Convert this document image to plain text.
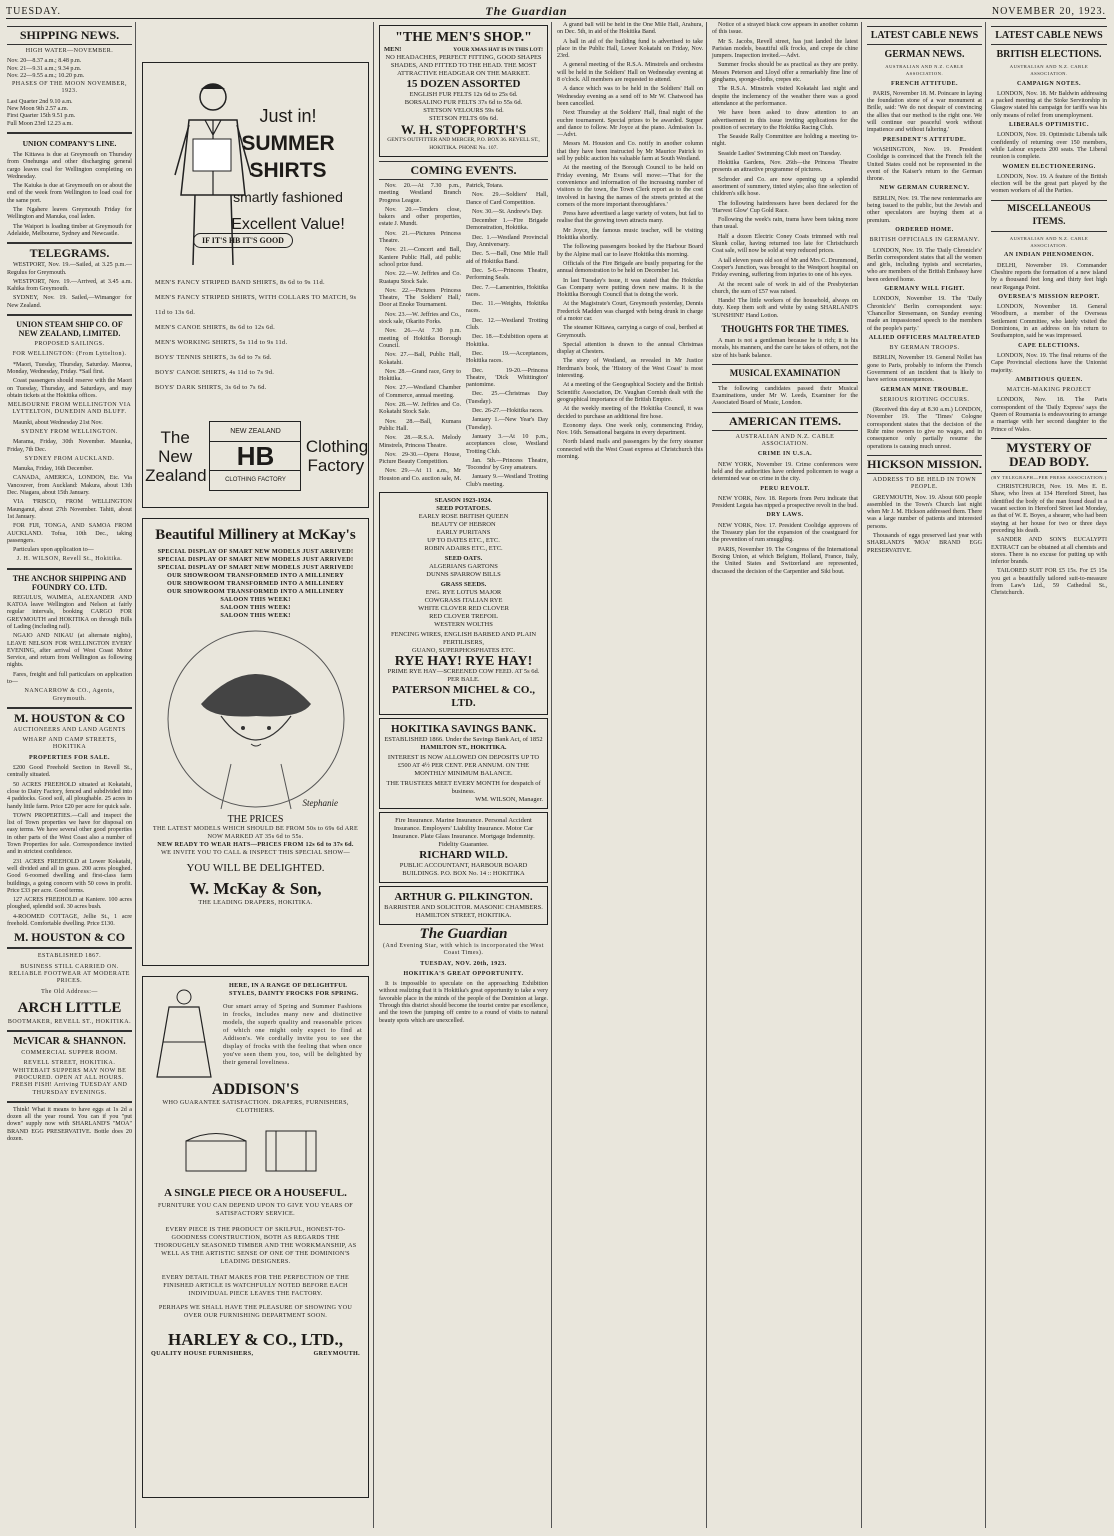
TUESDAY.	The Guardian	NOVEMBER 20, 1923.
SHIPPING NEWS.
HIGH WATER—NOVEMBER.
Nov. 20—8.37 a.m.; 8.48 p.m.
Nov. 21—9.31 a.m.; 9.34 p.m.
Nov. 22—9.55 a.m.; 10.20 p.m.
PHASES OF THE MOON NOVEMBER, 1923.
Last Quarter 2nd 9.10 a.m.
New Moon 9th 2.57 a.m.
First Quarter 15th 9.51 p.m.
Full Moon 23rd 12.23 a.m.
UNION COMPANY'S LINE.

The Kittawa is due at Greymouth on Thursday from Onehunga and other discharging general cargo leaves coal for Wellington completing on Wednesday.

The Kaiuka is due at Greymouth on or about the end of the week from Wellington to load coal for the same port.

The Ngahere leaves Greymouth Friday for Wellington and Manuka, coal laden.

The Waipori is loading timber at Greymouth for Adelaide, Melbourne, Sydney and Newcastle.

TELEGRAMS.

WESTPORT, Nov. 19.—Sailed, at 3.25 p.m.—Regulus for Greymouth.

WESTPORT, Nov. 19.—Arrived, at 3.45 a.m. Kahika from Greymouth.

SYDNEY, Nov. 19. Sailed,—Wimangor for New Zealand.

UNION STEAM SHIP CO. OF NEW ZEALAND, LIMITED.
PROPOSED SAILINGS.
FOR WELLINGTON: (From Lyttelton).

*Maori, Tuesday, Thursday, Saturday. Maorea, Monday, Wednesday, Friday. *Sail first.

Coast passengers should reserve with the Maori on Tuesday, Thursday, and Saturdays, and may obtain tickets at the Hokitika offices.

MELBOURNE FROM WELLINGTON VIA LYTTELTON, DUNEDIN AND BLUFF.

Maunki, about Wednesday 21st Nov.

SYDNEY FROM WELLINGTON.

Marama, Friday, 30th November. Maunka, Friday, 7th Dec.

SYDNEY FROM AUCKLAND.

Manuka, Friday, 16th December.

CANADA, AMERICA, LONDON, Etc. Via Vancouver, from Auckland: Makura, about 13th Dec. Niagara, about 15th January.

VIA 'FRISCO, FROM WELLINGTON Maunganui, about 27th November. Tahiti, about 1st January.

FOR FIJI, TONGA, AND SAMOA FROM AUCKLAND. Tofua, 10th Dec., taking passengers.

Particulars upon application to—

J. H. WILSON, Revell St., Hokitika.
THE ANCHOR SHIPPING AND FOUNDRY CO. LTD.

REGULUS, WAIMEA, ALEXANDER AND KATOA leave Wellington and Nelson at fairly regular intervals, booking CARGO FOR GREYMOUTH and HOKITIKA on through Bills of Lading (including rail).

NGAIO AND NIKAU (at alternate nights), LEAVE NELSON FOR WELLINGTON EVERY EVENING, after arrival of West Coast Motor Service, and return from Wellington as following nights.

Fares, freight and full particulars on application to—

NANCARROW & CO., Agents, Greymouth.
M. HOUSTON & CO
AUCTIONEERS AND LAND AGENTS
WHARF AND CAMP STREETS, HOKITIKA
PROPERTIES FOR SALE.

£200 Good Freehold Section in Revell St., centrally situated.

50 ACRES FREEHOLD situated at Kokatahi, close to Dairy Factory, fenced and subdivided into 4 paddocks. Good soil, all ploughable. 25 acres in handy little farm. Price £20 per acre for quick sale.

TOWN PROPERTIES.—Call and inspect the list of Town properties we have for disposal on easy terms. We have several other good properties in other parts of the West Coast also a number of Town Properties for sale. Correspondence invited and in strictest confidence.

231 ACRES FREEHOLD at Lower Kokatahi, well divided and all in grass. 200 acres ploughed. Good 6-roomed dwelling and first-class farm buildings, a going concern with 50 cows in profit. Price £33 per acre. Good terms.

127 ACRES FREEHOLD at Kaniere. 100 acres ploughed, splendid soil. 30 acres bush.

4-ROOMED COTTAGE, Jellie St., 1 acre freehold. Comfortable dwelling. Price £130.

M. HOUSTON & CO
ESTABLISHED 1867.
BUSINESS STILL CARRIED ON. RELIABLE FOOTWEAR AT MODERATE PRICES.
The Old Address:—
ARCH LITTLE
BOOTMAKER, REVELL ST., HOKITIKA.
McVICAR & SHANNON.
COMMERCIAL SUPPER ROOM.
REVELL STREET, HOKITIKA. WHITEBAIT SUPPERS MAY NOW BE PROCURED. OPEN AT ALL HOURS. FRESH FISH! Arriving TUESDAY AND THURSDAY EVENINGS.

Think! What it means to have eggs at 1s 2d a dozen all the year round. You can if you "put down" supply now with SHARLAND'S "MOA" BRAND EGG PRESERVATIVE. Bottle does 20 dozen.

Just in!
SUMMER
SHIRTS
smartly fashioned
Excellent Value!
IF IT'S HB IT'S GOOD
MEN'S FANCY STRIPED BAND SHIRTS, 8s 6d to 9s 11d.
MEN'S FANCY STRIPED SHIRTS, WITH COLLARS TO MATCH, 9s 11d to 13s 6d.
MEN'S CANOE SHIRTS, 8s 6d to 12s 6d.
MEN'S WORKING SHIRTS, 5s 11d to 9s 11d.
BOYS' TENNIS SHIRTS, 3s 6d to 7s 6d.
BOYS' CANOE SHIRTS, 4s 11d to 7s 9d.
BOYS' DARK SHIRTS, 3s 6d to 7s 6d.
The New Zealand
NEW ZEALAND
HB
CLOTHING FACTORY
Clothing Factory
Beautiful Millinery at McKay's
SPECIAL DISPLAY OF SMART NEW MODELS JUST ARRIVED!
SPECIAL DISPLAY OF SMART NEW MODELS JUST ARRIVED!
SPECIAL DISPLAY OF SMART NEW MODELS JUST ARRIVED!
OUR SHOWROOM TRANSFORMED INTO A MILLINERY
OUR SHOWROOM TRANSFORMED INTO A MILLINERY
OUR SHOWROOM TRANSFORMED INTO A MILLINERY
SALOON THIS WEEK!
SALOON THIS WEEK!
SALOON THIS WEEK!
Stephanie
THE PRICES
THE LATEST MODELS WHICH SHOULD BE FROM 50s to 69s 6d ARE NOW MARKED AT 35s 6d to 55s.
NEW READY TO WEAR HATS—PRICES FROM 12s 6d to 37s 6d.
WE INVITE YOU TO CALL & INSPECT THIS SPECIAL SHOW—
YOU WILL BE DELIGHTED.
W. McKay & Son,
THE LEADING DRAPERS, HOKITIKA.
HERE, IN A RANGE OF DELIGHTFUL STYLES, DAINTY FROCKS FOR SPRING.
Our smart array of Spring and Summer Fashions in frocks, includes many new and distinctive models, the superb quality and reasonable prices of which one might only expect to find at Addison's. We cordially invite you to see the display of frocks with the feeling that when once you've seen them you, too, will be delighted by their general loveliness.
ADDISON'S
WHO GUARANTEE SATISFACTION. DRAPERS, FURNISHERS, CLOTHIERS.
A SINGLE PIECE OR A HOUSEFUL.
FURNITURE YOU CAN DEPEND UPON TO GIVE YOU YEARS OF SATISFACTORY SERVICE.
EVERY PIECE IS THE PRODUCT OF SKILFUL, HONEST-TO-GOODNESS CONSTRUCTION, BOTH AS REGARDS THE THOROUGHLY SEASONED TIMBER AND THE WORKMANSHIP, AS WELL AS THE ARTISTIC SENSE OF ONE OF THE DOMINION'S LEADING DESIGNERS.
EVERY DETAIL THAT MAKES FOR THE PERFECTION OF THE FINISHED ARTICLE IS WATCHFULLY NOTED BEFORE EACH INDIVIDUAL PIECE LEAVES THE FACTORY.
PERHAPS WE SHALL HAVE THE PLEASURE OF SHOWING YOU OVER OUR FURNISHING DEPARTMENT SOON.
HARLEY & CO., LTD.,
QUALITY HOUSE FURNISHERS,	GREYMOUTH.
"THE MEN'S SHOP."
MEN!	YOUR XMAS HAT IS IN THIS LOT!
NO HEADACHES, PERFECT FITTING, GOOD SHAPES SHADES, AND FITTED TO THE HEAD. THE MOST ATTRACTIVE HEADGEAR ON THE MARKET.
15 DOZEN ASSORTED
ENGLISH FUR FELTS 12s 6d to 25s 6d.
BORSALINO FUR FELTS 37s 6d to 55s 6d.
STETSON VELOURS 59s 6d.
STETSON FELTS 69s 6d.
W. H. STOPFORTH'S
GENT'S OUTFITTER AND MERCER, P.O. BOX 36. REVELL ST., HOKITIKA. PHONE No. 107.
COMING EVENTS.

Nov. 20.—At 7.30 p.m., meeting Westland Branch Progress League.

Nov. 20.—Tenders close, bakers and other properties, estate J. Mundt.

Nov. 21.—Pictures Princess Theatre.

Nov. 21.—Concert and Ball, Kaniere Public Hall, aid public school prize fund.

Nov. 22.—W. Jeffries and Co. Ruatapu Stock Sale.

Nov. 22.—Pictures Princess Theatre, 'The Soldiers' Hall,' Door at Enoke Tournament.

Nov. 23.—W. Jeffries and Co., stock sale, Okarito Forks.

Nov. 26.—At 7.30 p.m. meeting of Hokitika Borough Council.

Nov. 27.—Ball, Public Hall, Kokatahi.

Nov. 28.—Grand race, Grey to Hokitika.

Nov. 27.—Westland Chamber of Commerce, annual meeting.

Nov. 28.—W. Jeffries and Co. Kokatahi Stock Sale.

Nov. 28.—Ball, Kumara Public Hall.

Nov. 28.—R.S.A. Melody Minstrels, Princess Theatre.

Nov. 29-30.—Opera House, Picture Beauty Competition.

Nov. 29.—At 11 a.m., Mr Houston and Co. auction sale, M. Patrick, Totara.

Nov. 29.—Soldiers' Hall, Dance of Card Competition.

Nov. 30.—St. Andrew's Day.

December 1.—Fire Brigade Demonstration, Hokitika.

Dec. 1.—Westland Provincial Day, Anniversary.

Dec. 5.—Ball, One Mile Hall aid of Hokitika Band.

Dec. 5-6.—Princess Theatre, Performing Seals.

Dec. 7.—Lamentries, Hokitika races.

Dec. 11.—Weights, Hokitika races.

Dec. 12.—Westland Trotting Club.

Dec. 18.—Exhibition opens at Hokitika.

Dec. 19.—Acceptances, Hokitika races.

Dec. 19-20.—Princess Theatre, 'Dick Whittington' pantomime.

Dec. 25.—Christmas Day (Tuesday).

Dec. 26-27.—Hokitika races.

January 1.—New Year's Day (Tuesday).

January 3.—At 10 p.m., acceptances close, Westland Trotting Club.

Jan. 5th.—Princess Theatre, 'Tocondra' by Grey amateurs.

January 9.—Westland Trotting Club's meeting.

SEASON 1923-1924.
SEED POTATOES.
EARLY ROSE BRITISH QUEEN
BEAUTY OF HEBRON
EARLY PURITANS
UP TO DATES ETC., ETC.
ROBIN ADAIRS ETC., ETC.
SEED OATS.
ALGERIANS GARTONS
DUNNS SPARROW BILLS
GRASS SEEDS.
ENG. RYE LOTUS MAJOR
COWGRASS ITALIAN RYE
WHITE CLOVER RED CLOVER
RED CLOVER TREFOIL
WESTERN WOLTHS
FENCING WIRES, ENGLISH BARBED AND PLAIN FERTILISERS,
GUANO, SUPERPHOSPHATES ETC.
RYE HAY! RYE HAY!
PRIME RYE HAY—SCREENED COW FEED. AT 5s 6d. PER BALE.
PATERSON MICHEL & CO., LTD.
HOKITIKA SAVINGS BANK.
ESTABLISHED 1866. Under the Savings Bank Act, of 1852
HAMILTON ST., HOKITIKA.
INTEREST IS NOW ALLOWED ON DEPOSITS UP TO £500 AT 4½ PER CENT. PER ANNUM. ON THE MONTHLY MINIMUM BALANCE.
THE TRUSTEES MEET EVERY MONTH for despatch of business.
WM. WILSON, Manager.
Fire Insurance. Marine Insurance. Personal Accident Insurance. Employers' Liability Insurance. Motor Car Insurance. Plate Glass Insurance. Mortgage Indemnity. Fidelity Guarantee.
RICHARD WILD.
PUBLIC ACCOUNTANT, HARBOUR BOARD BUILDINGS. P.O. BOX No. 14 :: HOKITIKA
ARTHUR G. PILKINGTON.
BARRISTER AND SOLICITOR. MASONIC CHAMBERS. HAMILTON STREET, HOKITIKA.
The Guardian
(And Evening Star, with which is incorporated the West Coast Times).
TUESDAY, NOV. 20th, 1923.
HOKITIKA'S GREAT OPPORTUNITY.

It is impossible to speculate on the approaching Exhibition without realizing that it is Hokitika's great opportunity to take a very favorable place in the minds of the people of the Dominion at large. Through this district should become the tourist centre par excellence, and the town the jumping off centre to a round of visits to natural beauty spots which are unexcelled.

A grand ball will be held in the One Mile Hall, Arahura, on Dec. 5th, in aid of the Hokitika Band.

A ball in aid of the building fund is advertised to take place in the Public Hall, Lower Kokatahi on Friday, Nov. 23rd.

A general meeting of the R.S.A. Minstrels and orchestra will be held in the Soldiers' Hall on Wednesday evening at 8 o'clock. All members are requested to attend.

A dance which was to be held in the Soldiers' Hall on Wednesday evening as a send off to Mr W. Chatwood has been cancelled.

Next Thursday at the Soldiers' Hall, final night of the euchre tournament. Special prizes to be awarded. Supper and dance to follow. Mr Joyce at the piano. Admission 1s.—Advt.

Messrs M. Houston and Co. notify in another column that they have been instructed by Mr Maurice Patrick to sell by public auction his valuable farm at South Westland.

At the meeting of the Borough Council to be held on Friday evening, Mr Evans will move:—'That for the convenience and information of the increasing number of visitors to the town, the Town Clerk report as to the cost involved in having the names of the streets printed at the corners of the more important thoroughfares.'

Press have advertised a large variety of voters, but fail to realise that the growing town attracts many.

Mr Joyce, the famous music teacher, will be visiting Hokitika shortly.

The following passengers booked by the Harbour Board by the Alpine mail car to leave Hokitika this morning.

Officials of the Fire Brigade are busily preparing for the annual demonstration to be held on December 1st.

In last Tuesday's issue, it was stated that the Hokitika Gas Company were putting down new mains. It is the Hokitika Borough Council that is doing the work.

At the Magistrate's Court, Greymouth yesterday, Dennis Frederick Madden was charged with being drunk in charge of a motor car.

The steamer Kittawa, carrying a cargo of coal, berthed at Greymouth.

Special attention is drawn to the annual Christmas display at Chesters.

The story of Westland, as revealed in Mr Justice Herdman's book, the 'History of the West Coast' is most interesting.

At a meeting of the Geographical Society and the British Scientific Association, Dr. Vaughan Cornish dealt with the geographical importance of the British Empire.

At the weekly meeting of the Hokitika Council, it was decided to purchase an additional fire hose.

Economy days. One week only, commencing Friday, Nov. 16th. Sensational bargains in every department.

North Island mails and passengers by the ferry steamer connected with the West Coast express at Christchurch this morning.

Notice of a strayed black cow appears in another column of this issue.

Mr S. Jacobs, Revell street, has just landed the latest Parisian models, beautiful silk frocks, and crepe de chine jumpers. Inspection invited.—Advt.

Summer frocks should be as practical as they are pretty. Messrs Peterson and Lloyd offer a remarkably fine line of ginghams, sponge-cloths, crepes etc.

The R.S.A. Minstrels visited Kokatahi last night and despite the inclemency of the weather there was a good attendance at the performance.

We have been asked to draw attention to an advertisement in this issue inviting applications for the position of secretary to the Hokitika Racing Club.

The Seaside Rally Committee are holding a meeting to-night.

Seaside Ladies' Swimming Club meet on Tuesday.

Hokitika Gardens, Nov. 26th—the Princess Theatre presents an attractive programme of pictures.

Schroder and Co. are now opening up a splendid assortment of summery, tinted styles; also fine selection of children's silk hose.

The following hairdressers have been declared for the 'Harvest Glow' Cup Gold Race.

Following the week's rain, trams have been taking more than usual.

Half a dozen Electric Coney Coats trimmed with real Skunk collar, having returned too late for Christchurch Coat sale, will now be sold at very reduced prices.

A tall eleven years old son of Mr and Mrs C. Drummond, Cooper's Junction, was brought to the Westport hospital on Friday evening, suffering from injuries to one of his eyes.

At the recent sale of work in aid of the Presbyterian church, the sum of £57 was raised.

Hands! The little workers of the household, always on duty. Keep them soft and white by using SHARLAND'S 'SUNSHINE' Hand Lotion.

THOUGHTS FOR THE TIMES.

A man is not a gentleman because he is rich; it is his morals, his manners, and the care he takes of others, not the size of his bank balance.

MUSICAL EXAMINATION

The following candidates passed their Musical Examinations, under Mr W. Leeds, Examiner for the Associated Board of Music, London.

AMERICAN ITEMS.
AUSTRALIAN AND N.Z. CABLE ASSOCIATION.
CRIME IN U.S.A.

NEW YORK, November 19. Crime conferences were held and the authorities have ordered policemen to wage a determined war on crime in the city.

PERU REVOLT.

NEW YORK, Nov. 18. Reports from Peru indicate that President Leguia has nipped a prospective revolt in the bud.

DRY LAWS.

NEW YORK, Nov. 17. President Coolidge approves of the Treasury plan for the expansion of the coastguard for the prevention of rum smuggling.

PARIS, November 19. The Congress of the International Boxing Union, at which Belgium, Holland, France, Italy, the United States and Switzerland are represented, discussed the decision of the Carpentier and Siki bout.

LATEST CABLE NEWS
GERMAN NEWS.
AUSTRALIAN AND N.Z. CABLE ASSOCIATION.
FRENCH ATTITUDE.

PARIS, November 18. M. Poincare in laying the foundation stone of a war monument at Brille, said: 'We do not despair of convincing the allies that our method is the right one. We will continue our peaceful work without impatience and without faltering.'

PRESIDENT'S ATTITUDE.

WASHINGTON, Nov. 19. President Coolidge is convinced that the French felt the United States could not be represented in the event of the Kaiser's return to the German throne.

NEW GERMAN CURRENCY.

BERLIN, Nov. 19. The new rentenmarks are being issued to the public, but the Jewish and other speculators are buying them at a premium.

ORDERED HOME.
BRITISH OFFICIALS IN GERMANY.

LONDON, Nov. 19. The 'Daily Chronicle's' Berlin correspondent states that all the women and girls, including typists and secretaries, who are members of the British Embassy have been ordered home.

GERMANY WILL FIGHT.

LONDON, November 19. The 'Daily Chronicle's' Berlin correspondent says: 'Chancellor Stresemann, on Sunday evening made an impassioned speech to the members of the people's party.'

ALLIED OFFICERS MALTREATED
BY GERMAN TROOPS.

BERLIN, November 19. General Nollet has gone to Paris, probably to inform the French Government of an incident that is likely to have serious consequences.

GERMAN MINE TROUBLE.
SERIOUS RIOTING OCCURS.

(Received this day at 8.30 a.m.) LONDON, November 19. The 'Times' Cologne correspondent states that the decision of the Ruhr mine owners to give no wages, and in consequence only partially resume the operations is causing much unrest.

HICKSON MISSION.
ADDRESS TO BE HELD IN TOWN PEOPLE.

GREYMOUTH, Nov. 19. About 600 people assembled in the Town's Church last night when Mr J. M. Hickson addressed them. There was a large number of patients and interested persons.

Thousands of eggs preserved last year with SHARLAND'S 'MOA' BRAND EGG PRESERVATIVE.

LATEST CABLE NEWS
BRITISH ELECTIONS.
AUSTRALIAN AND N.Z. CABLE ASSOCIATION.
CAMPAIGN NOTES.

LONDON, Nov. 18. Mr Baldwin addressing a packed meeting at the Stoke Servitorship in Glasgow stated his campaign for tariffs was his only means of relief from unemployment.

LIBERALS OPTIMISTIC.

LONDON, Nov. 19. Optimistic Liberals talk confidently of returning over 150 members, while Labour expects 200 seats. The Liberal reunion is complete.

WOMEN ELECTIONEERING.

LONDON, Nov. 19. A feature of the British election will be the great part played by the women workers of all the Parties.

MISCELLANEOUS ITEMS.
AUSTRALIAN AND N.Z. CABLE ASSOCIATION.
AN INDIAN PHENOMENON.

DELHI, November 19. Commander Cheshire reports the formation of a new island by a thousand feet long and thirty feet high near Reganga Point.

OVERSEA'S MISSION REPORT.

LONDON, November 18. General Woodburn, a member of the Overseas Settlement Committee, who lately visited the Dominions, in an address on his return to Southampton, said he was impressed.

CAPE ELECTIONS.

LONDON, Nov. 19. The final returns of the Cape Provincial elections have the Unionist majority.

AMBITIOUS QUEEN.
MATCH-MAKING PROJECT

LONDON, Nov. 18. The Paris correspondent of the 'Daily Express' says the Queen of Roumania is endeavouring to arrange a marriage with her second daughter to the Prince of Wales.

MYSTERY OF DEAD BODY.
(BY TELEGRAPH—PER PRESS ASSOCIATION.)

CHRISTCHURCH, Nov. 19. Mrs E. E. Shaw, who lives at 134 Hereford Street, has identified the body of the man found dead in a vacant section in Hereford Street last Monday, as that of W. E. Boyes, a shearer, who had been staying at her house for two or three days preceding his death.

SANDER AND SON'S EUCALYPTI EXTRACT can be obtained at all chemists and stores. There is no excuse for putting up with inferior brands.

TAILORED SUIT FOR £5 15s. For £5 15s you get a beautifully tailored suit-to-measure from Law's Ltd., 59 Cathedral St., Christchurch.
